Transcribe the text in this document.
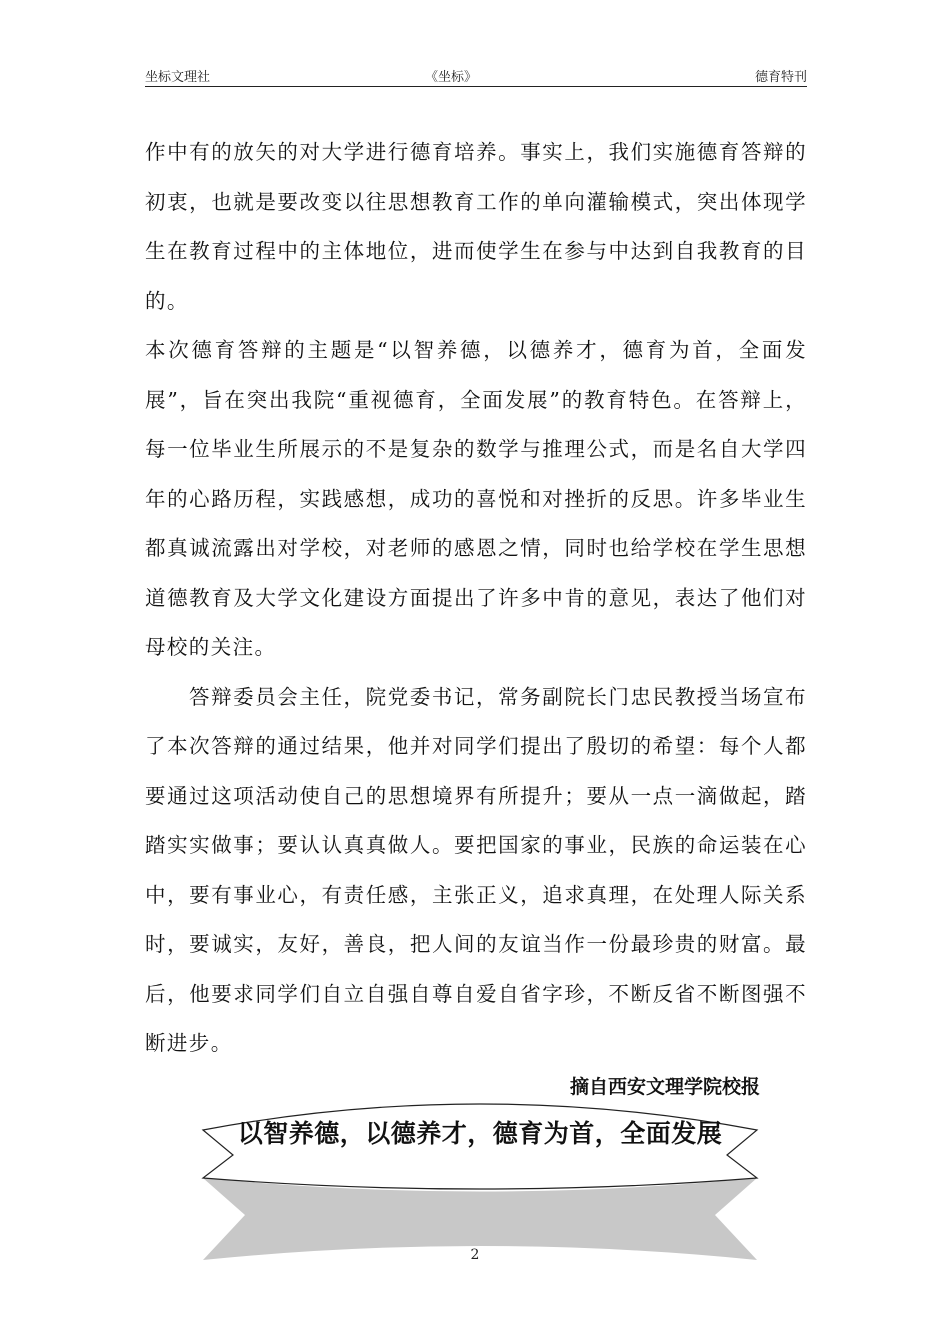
坐标文理社	《坐标》	德育特刊

作中有的放矢的对大学进行德育培养。事实上，我们实施德育答辩的初衷，也就是要改变以往思想教育工作的单向灌输模式，突出体现学生在教育过程中的主体地位，进而使学生在参与中达到自我教育的目的。

本次德育答辩的主题是“以智养德，以德养才，德育为首，全面发展”，旨在突出我院“重视德育，全面发展”的教育特色。在答辩上，每一位毕业生所展示的不是复杂的数学与推理公式，而是名自大学四年的心路历程，实践感想，成功的喜悦和对挫折的反思。许多毕业生都真诚流露出对学校，对老师的感恩之情，同时也给学校在学生思想道德教育及大学文化建设方面提出了许多中肯的意见，表达了他们对母校的关注。

答辩委员会主任，院党委书记，常务副院长门忠民教授当场宣布了本次答辩的通过结果，他并对同学们提出了殷切的希望：每个人都要通过这项活动使自己的思想境界有所提升；要从一点一滴做起，踏踏实实做事；要认认真真做人。要把国家的事业，民族的命运装在心中，要有事业心，有责任感，主张正义，追求真理，在处理人际关系时，要诚实，友好，善良，把人间的友谊当作一份最珍贵的财富。最后，他要求同学们自立自强自尊自爱自省字珍，不断反省不断图强不断进步。

摘自西安文理学院校报
以智养德，以德养才，德育为首，全面发展
2
